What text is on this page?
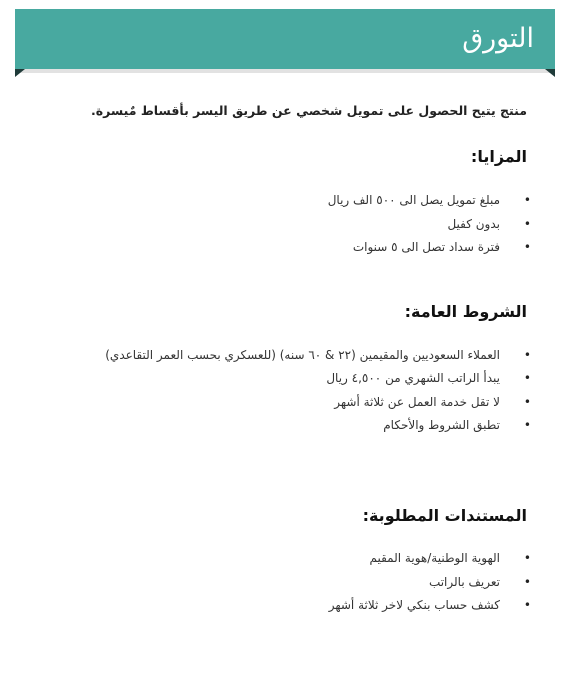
التورق

منتج يتيح الحصول على تمويل شخصي عن طريق اليسر بأقساط مٌيسرة.

المزايا:
•
مبلغ تمويل يصل الى ٥٠٠ الف ريال
•
بدون كفيل
•
فترة سداد تصل الى ٥ سنوات
الشروط العامة:
•
العملاء السعوديين والمقيمين (٢٢ & ٦٠ سنه) (للعسكري بحسب العمر التقاعدي)
•
يبدأ الراتب الشهري من ٤,٥٠٠ ريال
•
لا تقل خدمة العمل عن ثلاثة أشهر
•
تطبق الشروط والأحكام
المستندات المطلوبة:
•
الهوية الوطنية/هوية المقيم
•
تعريف بالراتب
•
كشف حساب بنكي لاخر ثلاثة أشهر
